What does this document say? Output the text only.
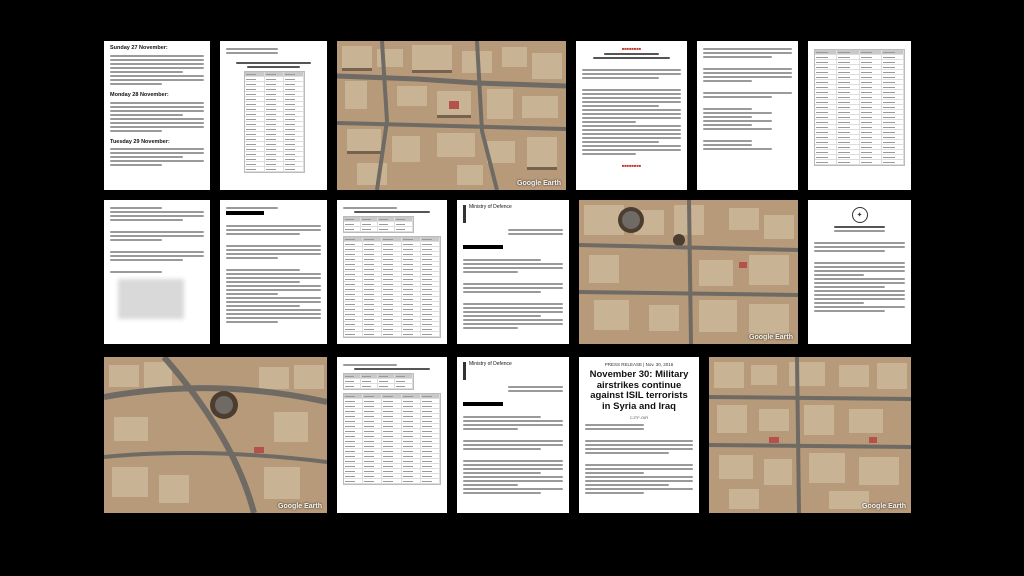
Sunday 27 November:
Monday 28 November:
Tuesday 29 November:
Google Earth
■■■■■■■■
■■■■■■■■
Ministry of Defence
Google Earth
✦
Google Earth
Ministry of Defence	PRESS RELEASE | Nov. 30, 2016
November 30: Military airstrikes continue against ISIL terrorists in Syria and Iraq
CJTF-OIR
Google Earth
